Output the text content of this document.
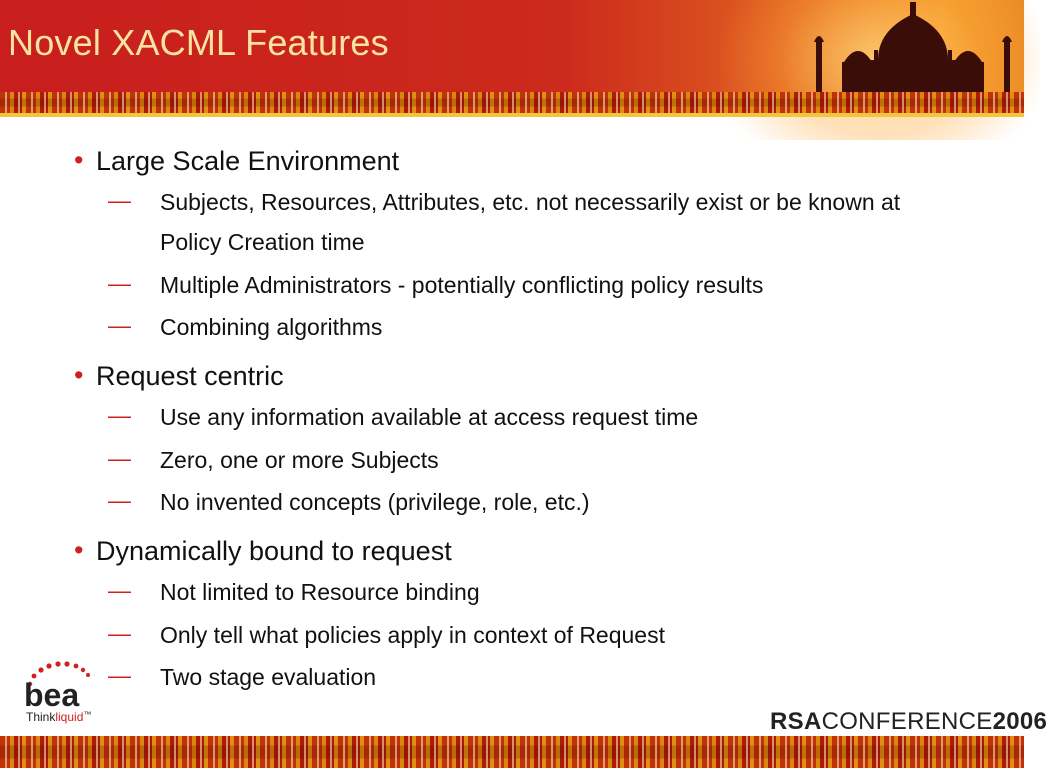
Novel XACML Features
• Large Scale Environment
— Subjects, Resources, Attributes, etc. not necessarily exist or be known at Policy Creation time
— Multiple Administrators - potentially conflicting policy results
— Combining algorithms
• Request centric
— Use any information available at access request time
— Zero, one or more Subjects
— No invented concepts (privilege, role, etc.)
• Dynamically bound to request
— Not limited to Resource binding
— Only tell what policies apply in context of Request
— Two stage evaluation
bea
Thinkliquid™	RSACONFERENCE2006
